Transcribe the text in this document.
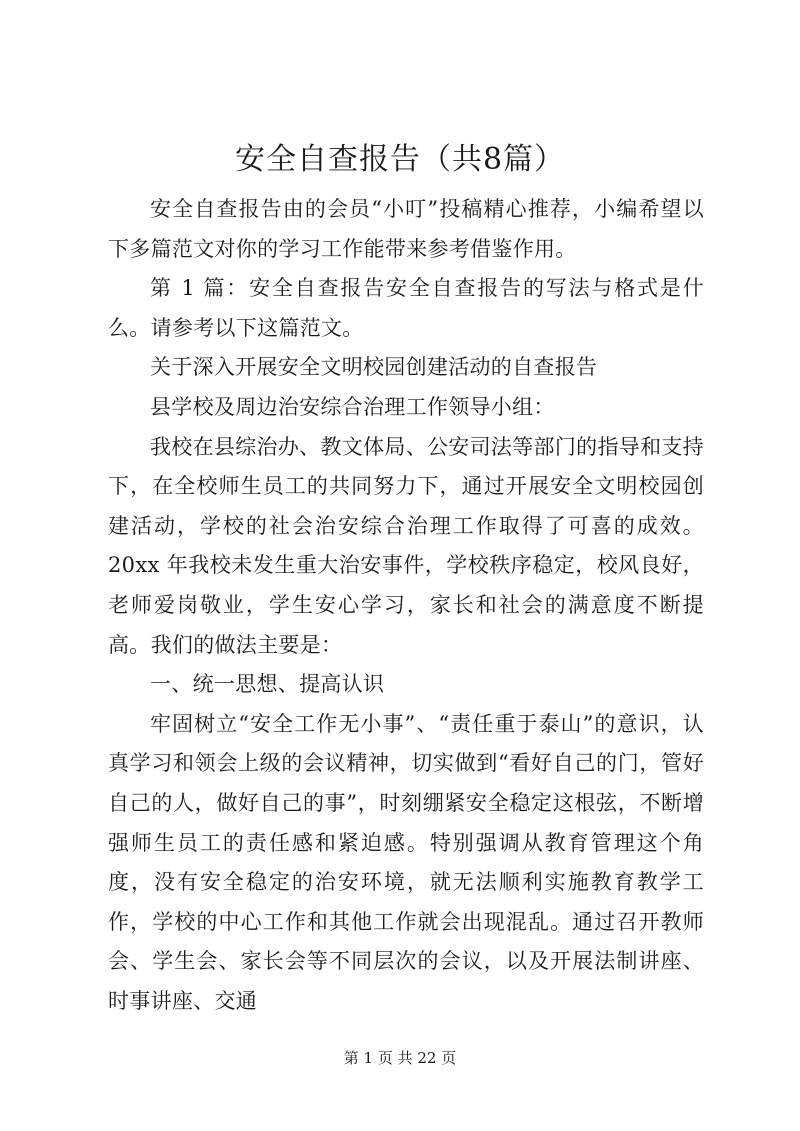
安全自查报告（共8篇）

安全自查报告由的会员“小叮”投稿精心推荐，小编希望以下多篇范文对你的学习工作能带来参考借鉴作用。

第 1 篇：安全自查报告安全自查报告的写法与格式是什么。请参考以下这篇范文。

关于深入开展安全文明校园创建活动的自查报告

县学校及周边治安综合治理工作领导小组：

我校在县综治办、教文体局、公安司法等部门的指导和支持下，在全校师生员工的共同努力下，通过开展安全文明校园创建活动，学校的社会治安综合治理工作取得了可喜的成效。20xx 年我校未发生重大治安事件，学校秩序稳定，校风良好，老师爱岗敬业，学生安心学习，家长和社会的满意度不断提高。我们的做法主要是：

一、统一思想、提高认识

牢固树立“安全工作无小事”、“责任重于泰山”的意识，认真学习和领会上级的会议精神，切实做到“看好自己的门，管好自己的人，做好自己的事”，时刻绷紧安全稳定这根弦，不断增强师生员工的责任感和紧迫感。特别强调从教育管理这个角度，没有安全稳定的治安环境，就无法顺利实施教育教学工作，学校的中心工作和其他工作就会出现混乱。通过召开教师会、学生会、家长会等不同层次的会议，以及开展法制讲座、时事讲座、交通

第 1 页 共 22 页
